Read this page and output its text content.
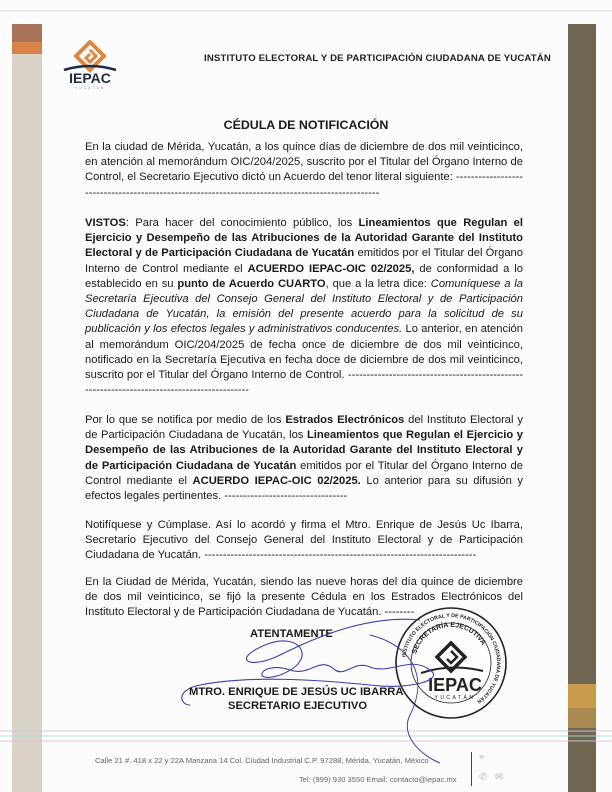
IEPAC
YUCATÁN
INSTITUTO ELECTORAL Y DE PARTICIPACIÓN CIUDADANA DE YUCATÁN
CÉDULA DE NOTIFICACIÓN
En la ciudad de Mérida, Yucatán, a los quince días de diciembre de dos mil veinticinco, en atención al memorándum OIC/204/2025, suscrito por el Titular del Órgano Interno de Control, el Secretario Ejecutivo dictó un Acuerdo del tenor literal siguiente: -------------------------------------------------------------------------------------------------
VISTOS: Para hacer del conocimiento público, los Lineamientos que Regulan el Ejercicio y Desempeño de las Atribuciones de la Autoridad Garante del Instituto Electoral y de Participación Ciudadana de Yucatán emitidos por el Titular del Órgano Interno de Control mediante el ACUERDO IEPAC-OIC 02/2025, de conformidad a lo establecido en su punto de Acuerdo CUARTO, que a la letra dice: Comuníquese a la Secretaría Ejecutiva del Consejo General del Instituto Electoral y de Participación Ciudadana de Yucatán, la emisión del presente acuerdo para la solicitud de su publicación y los efectos legales y administrativos conducentes. Lo anterior, en atención al memorándum OIC/204/2025 de fecha once de diciembre de dos mil veinticinco, notificado en la Secretaría Ejecutiva en fecha doce de diciembre de dos mil veinticinco, suscrito por el Titular del Órgano Interno de Control. -------------------------------------------------------------------------------------------
Por lo que se notifica por medio de los Estrados Electrónicos del Instituto Electoral y de Participación Ciudadana de Yucatán, los Lineamientos que Regulan el Ejercicio y Desempeño de las Atribuciones de la Autoridad Garante del Instituto Electoral y de Participación Ciudadana de Yucatán emitidos por el Titular del Órgano Interno de Control mediante el ACUERDO IEPAC-OIC 02/2025. Lo anterior para su difusión y efectos legales pertinentes. ---------------------------------
Notifíquese y Cúmplase. Así lo acordó y firma el Mtro. Enrique de Jesús Uc Ibarra, Secretario Ejecutivo del Consejo General del Instituto Electoral y de Participación Ciudadana de Yucatán. -------------------------------------------------------------------------
En la Ciudad de Mérida, Yucatán, siendo las nueve horas del día quince de diciembre de dos mil veinticinco, se fijó la presente Cédula en los Estrados Electrónicos del Instituto Electoral y de Participación Ciudadana de Yucatán. --------
ATENTAMENTE
INSTITUTO ELECTORAL Y DE PARTICIPACIÓN CIUDADANA DE YUCATÁN
SECRETARÍA EJECUTIVA
IEPAC
YUCATÁN
MTRO. ENRIQUE DE JESÚS UC IBARRA
SECRETARIO EJECUTIVO
Calle 21 #. 418 x 22 y 22A Manzana 14 Col. Ciudad Industrial C.P. 97288, Mérida, Yucatán, México
Tel: (999) 930 3550 Email: contacto@iepac.mx
⌖
✆ ✉
